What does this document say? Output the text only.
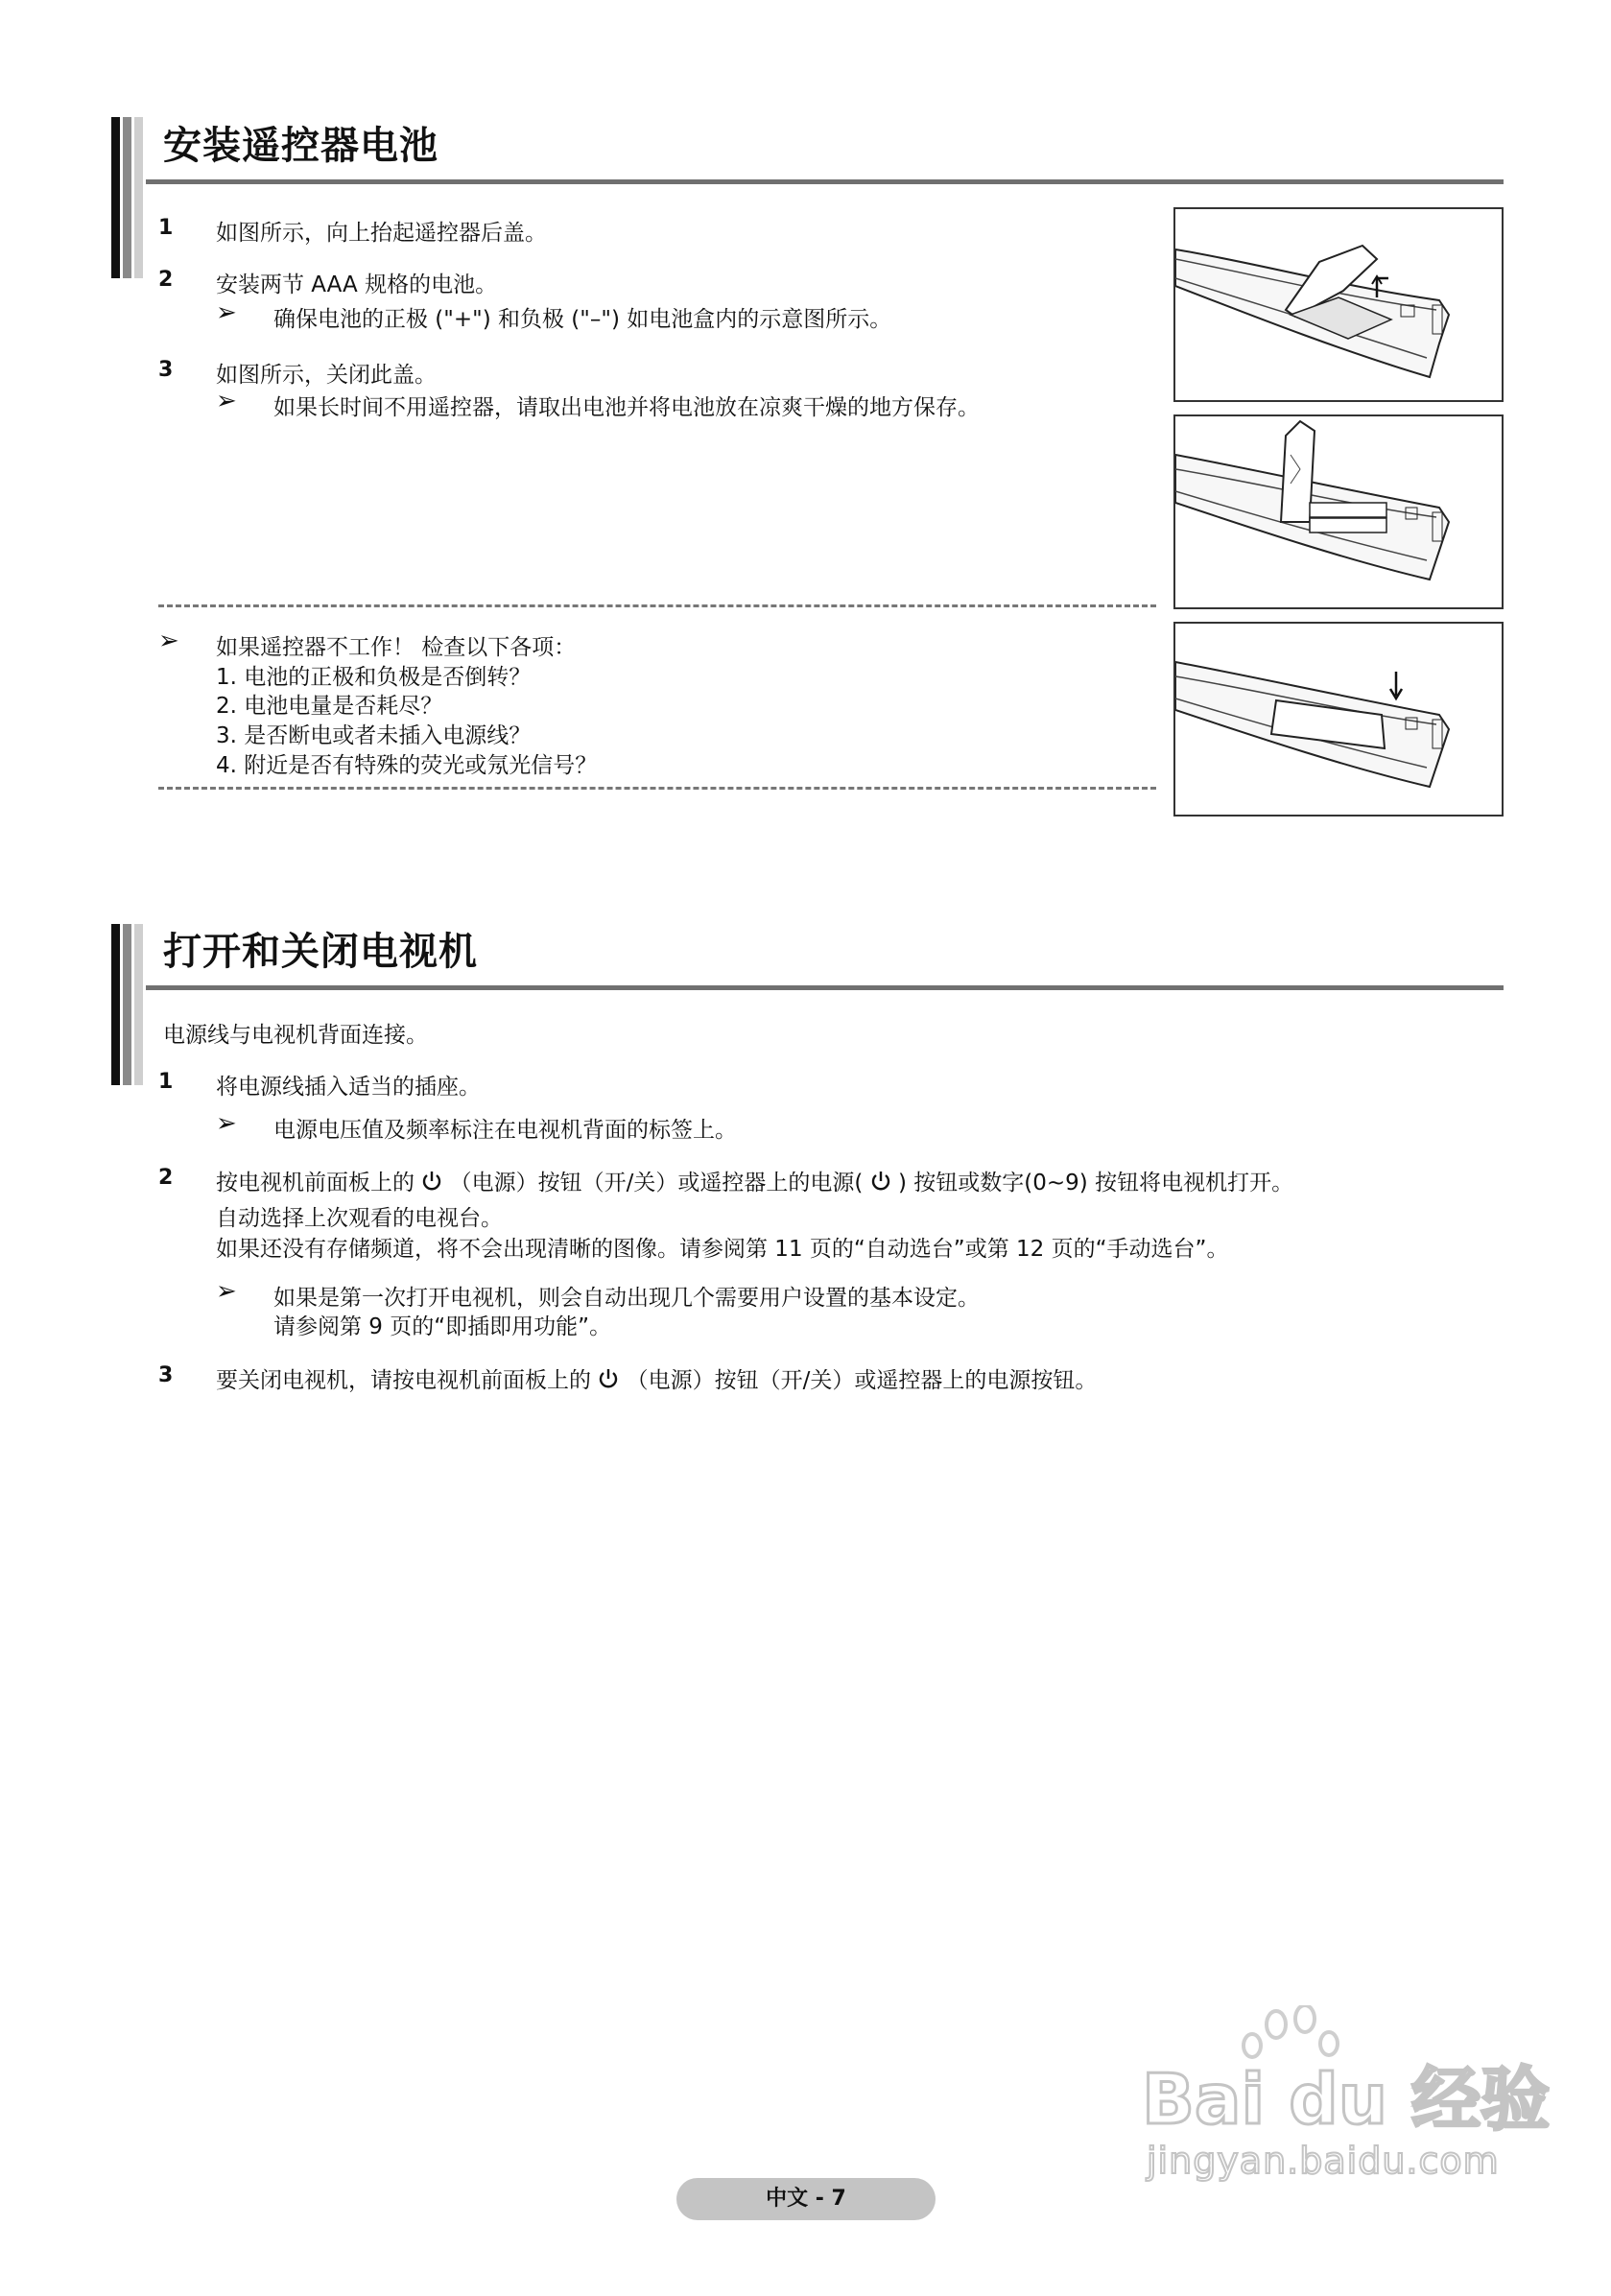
安装遥控器电池
1 如图所示，向上抬起遥控器后盖。
2 安装两节 AAA 规格的电池。
➢ 确保电池的正极 ("+") 和负极 ("–") 如电池盒内的示意图所示。
3 如图所示，关闭此盖。
➢ 如果长时间不用遥控器，请取出电池并将电池放在凉爽干燥的地方保存。
➢ 如果遥控器不工作！ 检查以下各项：
1. 电池的正极和负极是否倒转？
2. 电池电量是否耗尽？
3. 是否断电或者未插入电源线？
4. 附近是否有特殊的荧光或氖光信号？
打开和关闭电视机
电源线与电视机背面连接。
1 将电源线插入适当的插座。
➢ 电源电压值及频率标注在电视机背面的标签上。
2 按电视机前面板上的 （电源）按钮（开/关）或遥控器上的电源( ) 按钮或数字(0~9) 按钮将电视机打开。
自动选择上次观看的电视台。
如果还没有存储频道，将不会出现清晰的图像。请参阅第 11 页的“自动选台”或第 12 页的“手动选台”。
➢ 如果是第一次打开电视机，则会自动出现几个需要用户设置的基本设定。
请参阅第 9 页的“即插即用功能”。
3 要关闭电视机，请按电视机前面板上的 （电源）按钮（开/关）或遥控器上的电源按钮。
Bai du 经验
jingyan.baidu.com
中文 - 7
